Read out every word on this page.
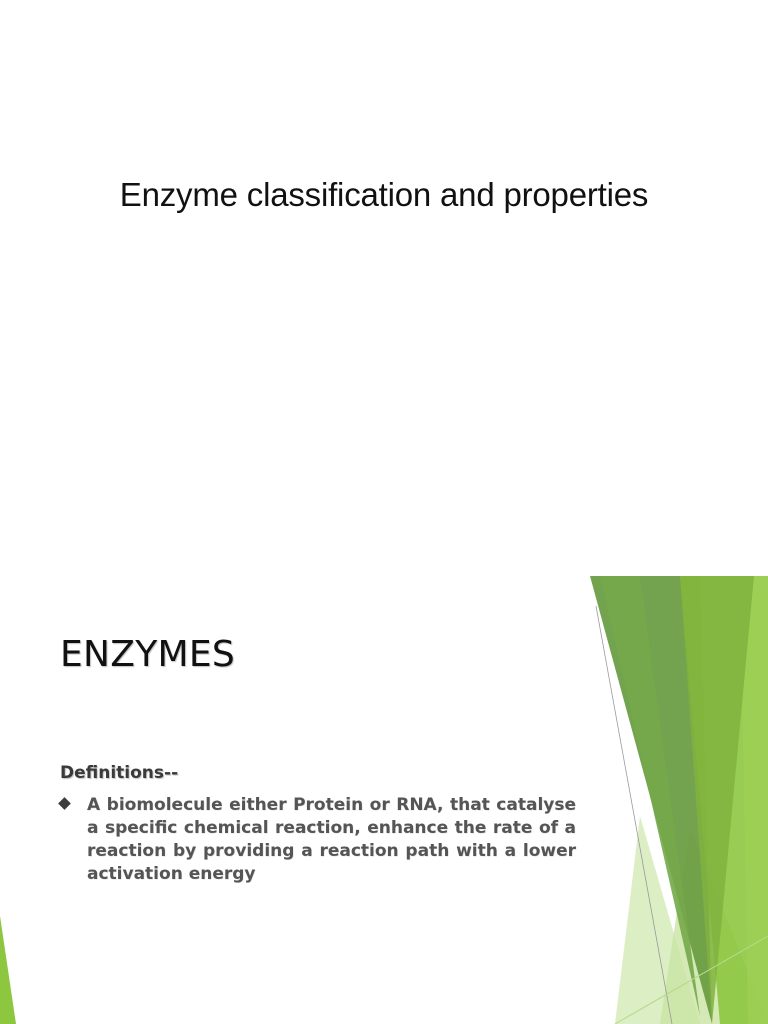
Enzyme classification and properties
ENZYMES
Definitions--
A biomolecule either Protein or RNA, that catalyse a specific chemical reaction, enhance the rate of a reaction by providing a reaction path with a lower activation energy
